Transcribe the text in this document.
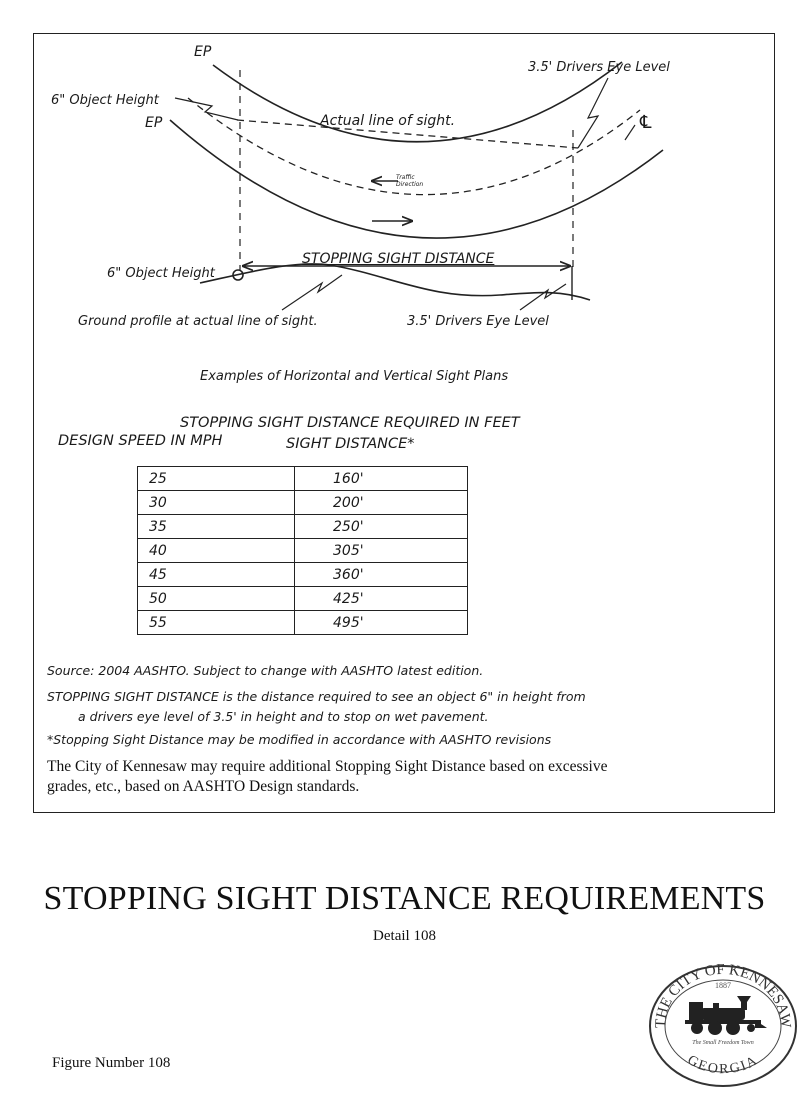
EP
6" Object Height
EP	Actual line of sight.
3.5' Drivers Eye Level
℄
Traffic Direction
STOPPING SIGHT DISTANCE
6" Object Height
Ground profile at actual line of sight.	3.5' Drivers Eye Level
Examples of Horizontal and Vertical Sight Plans
STOPPING SIGHT DISTANCE REQUIRED IN FEET
DESIGN SPEED IN MPH	SIGHT DISTANCE*
25	160'
30	200'
35	250'
40	305'
45	360'
50	425'
55	495'
Source: 2004 AASHTO. Subject to change with AASHTO latest edition.
STOPPING SIGHT DISTANCE is the distance required to see an object 6" in height from
a drivers eye level of 3.5' in height and to stop on wet pavement.
*Stopping Sight Distance may be modified in accordance with AASHTO revisions
The City of Kennesaw may require additional Stopping Sight Distance based on excessive
grades, etc., based on AASHTO Design standards.
STOPPING SIGHT DISTANCE REQUIREMENTS
Detail 108
Figure Number 108
THE CITY OF KENNESAW
1887
The Small Freedom Town
GEORGIA
